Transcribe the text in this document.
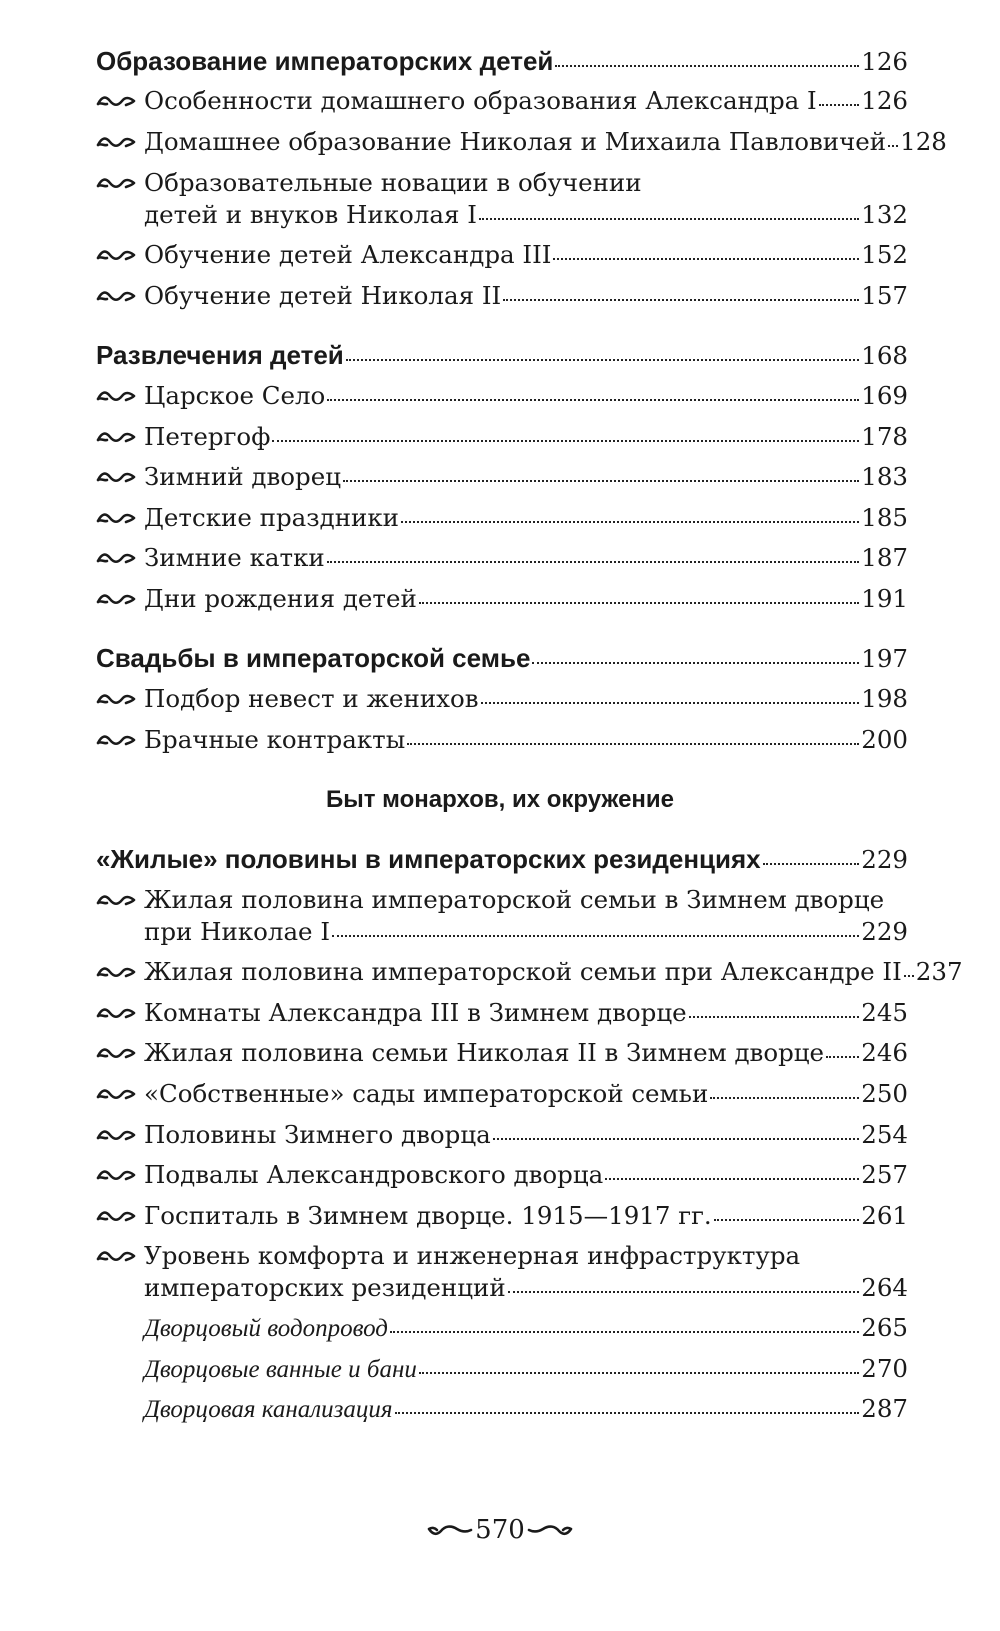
Образование императорских детей	126
Особенности домашнего образования Александра I 126
Домашнее образование Николая и Михаила Павловичей 128
Образовательные новации в обучении
детей и внуков Николая I	132
Обучение детей Александра III	152
Обучение детей Николая II	157
Развлечения детей	168
Царское Село	169
Петергоф	178
Зимний дворец	183
Детские праздники	185
Зимние катки	187
Дни рождения детей	191
Свадьбы в императорской семье	197
Подбор невест и женихов	198
Брачные контракты	200
Быт монархов, их окружение
«Жилые» половины в императорских резиденциях	229
Жилая половина императорской семьи в Зимнем дворце
при Николае I	229
Жилая половина императорской семьи при Александре II 237
Комнаты Александра III в Зимнем дворце	245
Жилая половина семьи Николая II в Зимнем дворце 246
«Собственные» сады императорской семьи	250
Половины Зимнего дворца	254
Подвалы Александровского дворца	257
Госпиталь в Зимнем дворце. 1915—1917 гг.	261
Уровень комфорта и инженерная инфраструктура
императорских резиденций	264
Дворцовый водопровод	265
Дворцовые ванные и бани	270
Дворцовая канализация	287
570
